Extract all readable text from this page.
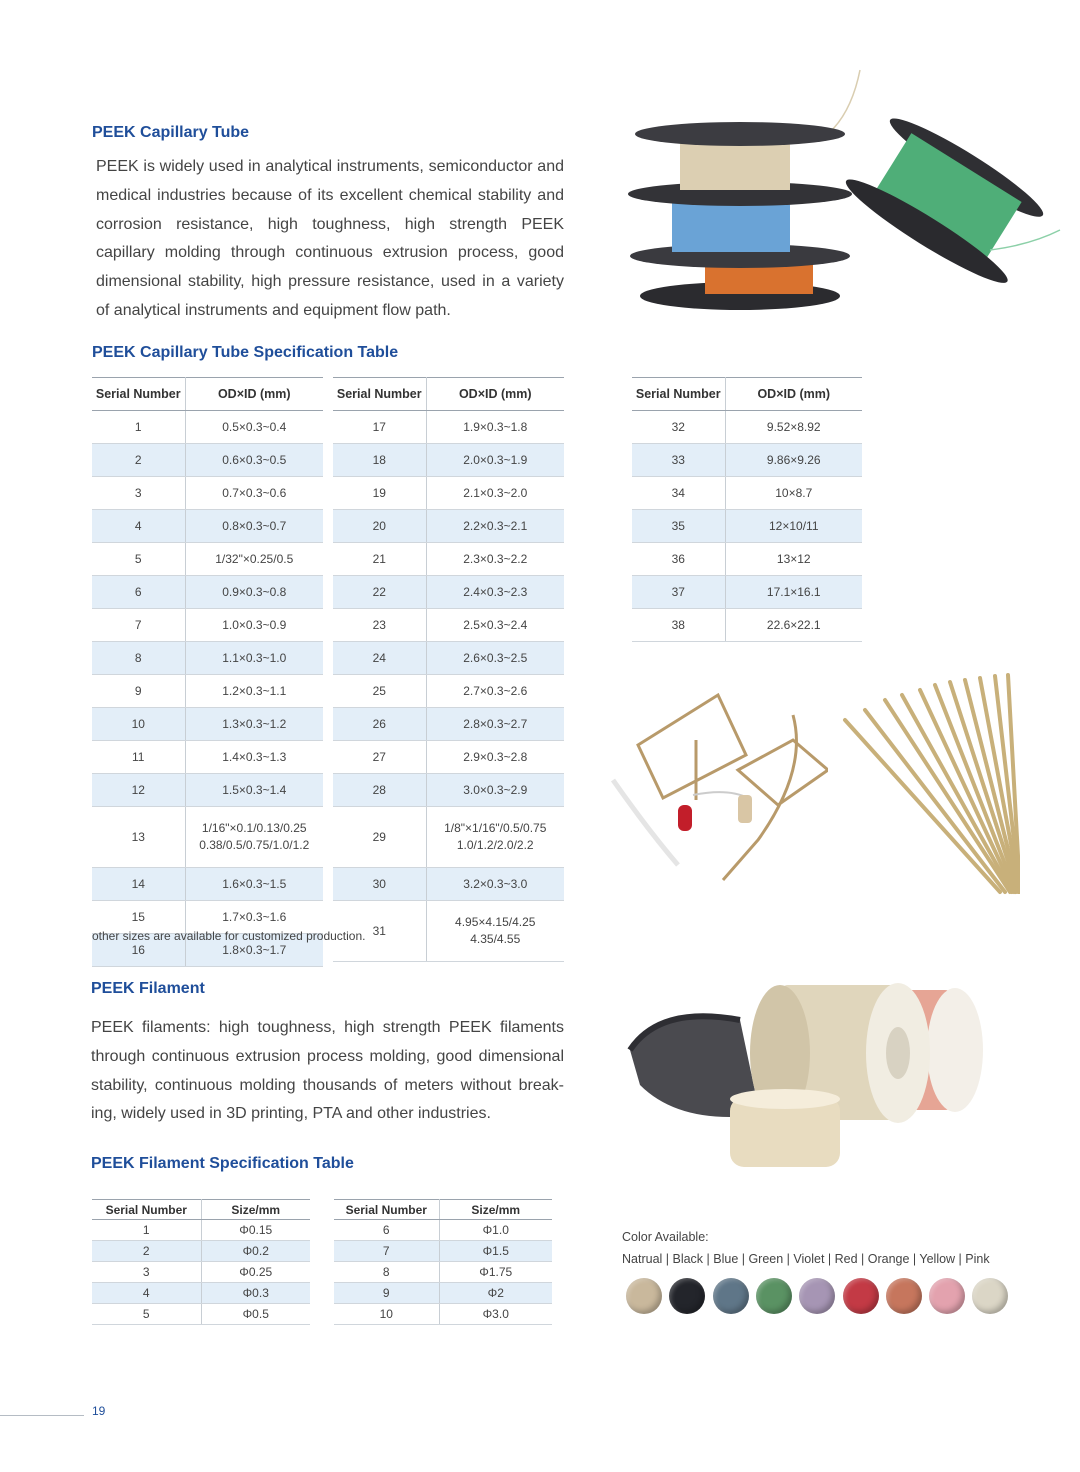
PEEK Capillary Tube
PEEK is widely used in analytical instruments, semiconductor and medical industries because of its excellent chemical stability and corrosion resistance, high toughness, high strength PEEK capillary molding through continuous extrusion process, good dimensional stability, high pressure resistance, used in a variety of analytical instruments and equipment flow path.
PEEK Capillary Tube Specification Table
Serial Number	OD×ID (mm)
1	0.5×0.3~0.4

2	0.6×0.3~0.5

3	0.7×0.3~0.6

4	0.8×0.3~0.7

5	1/32"×0.25/0.5

6	0.9×0.3~0.8

7	1.0×0.3~0.9

8	1.1×0.3~1.0

9	1.2×0.3~1.1

10	1.3×0.3~1.2

11	1.4×0.3~1.3

12	1.5×0.3~1.4

13	1/16"×0.1/0.13/0.25
0.38/0.5/0.75/1.0/1.2

14	1.6×0.3~1.5

15	1.7×0.3~1.6

16	1.8×0.3~1.7
Serial Number	OD×ID (mm)
17	1.9×0.3~1.8

18	2.0×0.3~1.9

19	2.1×0.3~2.0

20	2.2×0.3~2.1

21	2.3×0.3~2.2

22	2.4×0.3~2.3

23	2.5×0.3~2.4

24	2.6×0.3~2.5

25	2.7×0.3~2.6

26	2.8×0.3~2.7

27	2.9×0.3~2.8

28	3.0×0.3~2.9

29	1/8"×1/16"/0.5/0.75
1.0/1.2/2.0/2.2

30	3.2×0.3~3.0

31	4.95×4.15/4.25
4.35/4.55
Serial Number	OD×ID (mm)
32	9.52×8.92

33	9.86×9.26

34	10×8.7

35	12×10/11

36	13×12

37	17.1×16.1

38	22.6×22.1
other sizes are available for customized production.
PEEK Filament
PEEK filaments: high toughness, high strength PEEK filaments through continuous extrusion process molding, good dimensional stability, continuous molding thousands of meters without break-ing, widely used in 3D printing, PTA and other industries.
PEEK Filament Specification Table
Serial Number	Size/mm
1	Φ0.15

2	Φ0.2

3	Φ0.25

4	Φ0.3

5	Φ0.5
Serial Number	Size/mm
6	Φ1.0

7	Φ1.5

8	Φ1.75

9	Φ2

10	Φ3.0
Color Available:
Natrual | Black | Blue | Green | Violet | Red | Orange | Yellow | Pink
19
